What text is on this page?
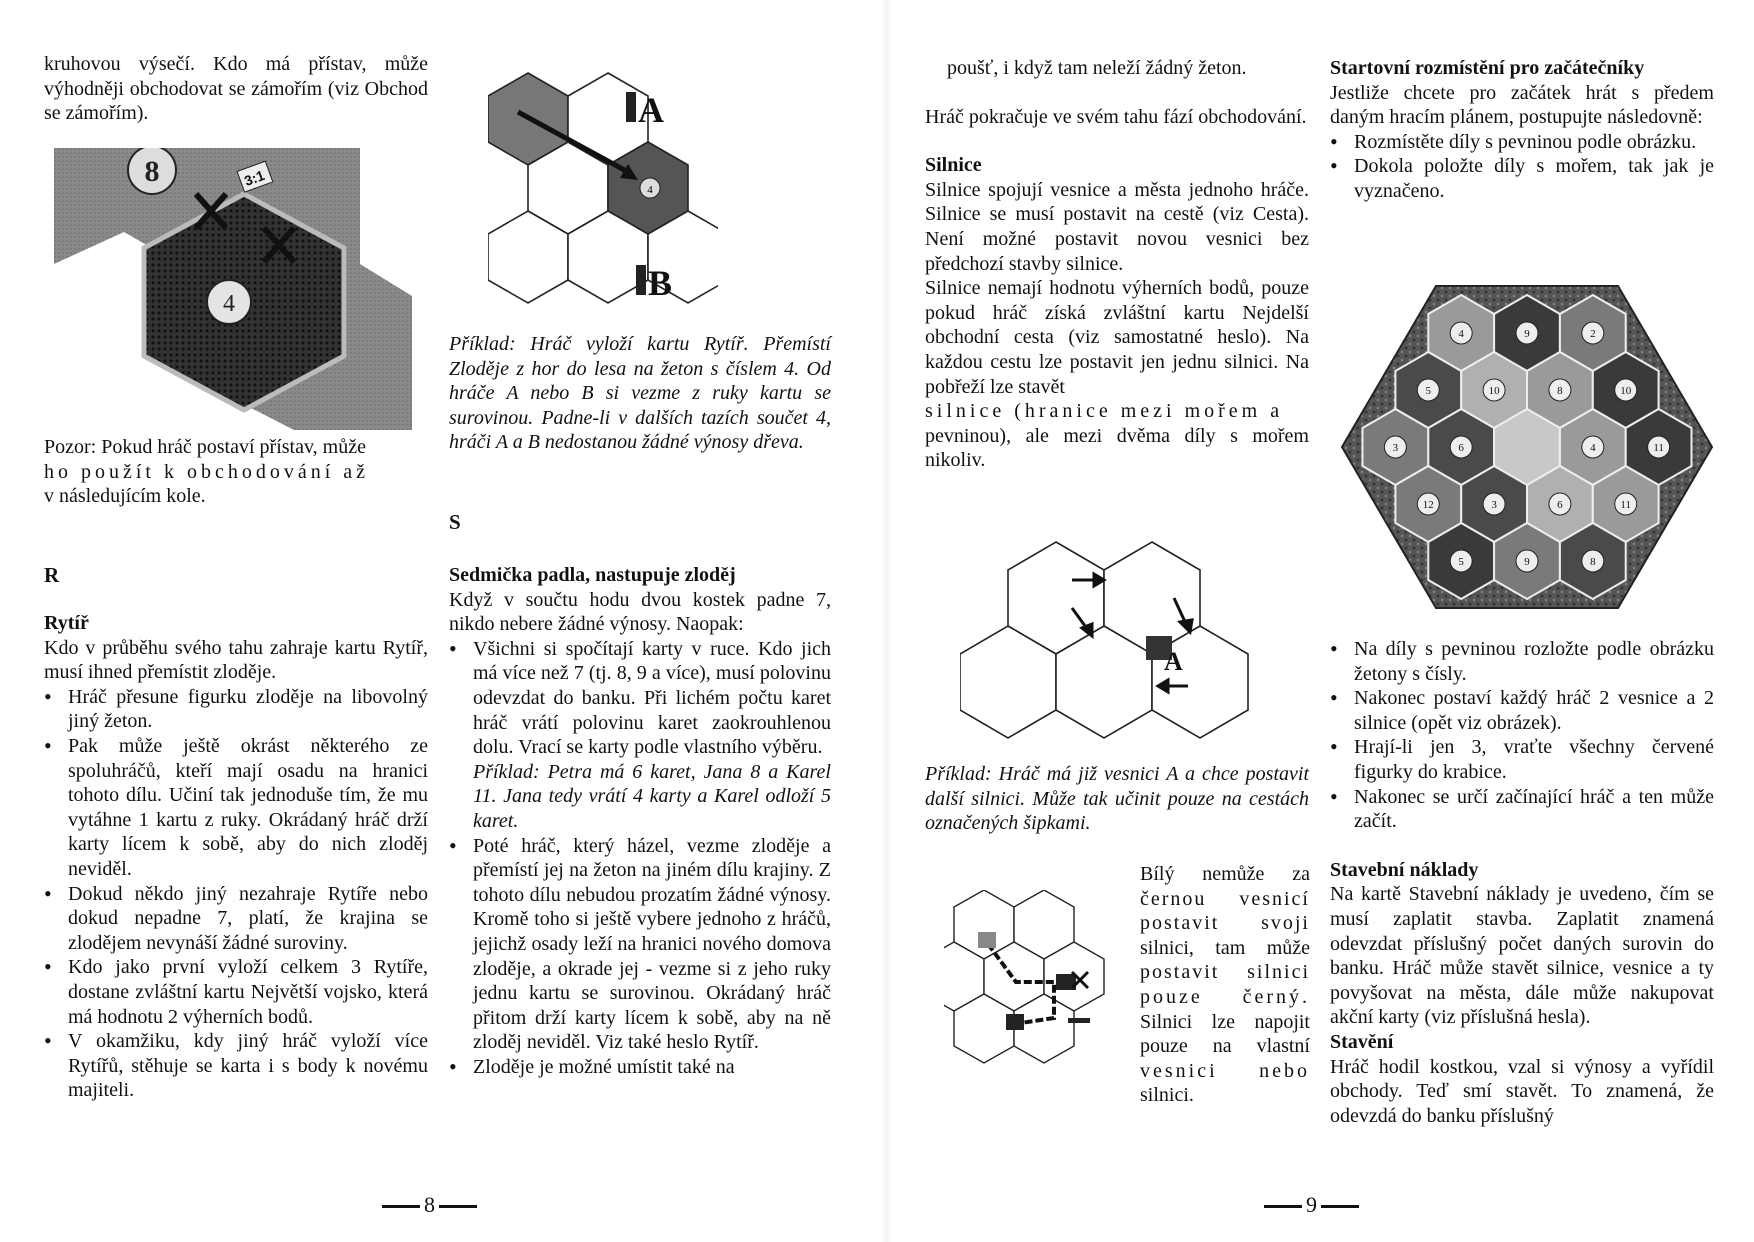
kruhovou výsečí. Kdo má přístav, může výhodněji obchodovat se zámořím (viz Obchod se zámořím).

8
4
3:1

Pozor: Pokud hráč postaví přístav, může

ho použít k obchodování až

v následujícím kole.

R

Rytíř

Kdo v průběhu svého tahu zahraje kartu Rytíř, musí ihned přemístit zloděje.

• Hráč přesune figurku zloděje na libovolný jiný žeton.
• Pak může ještě okrást některého ze spoluhráčů, kteří mají osadu na hranici tohoto dílu. Učiní tak jednoduše tím, že mu vytáhne 1 kartu z ruky. Okrádaný hráč drží karty lícem k sobě, aby do nich zloděj neviděl.
• Dokud někdo jiný nezahraje Rytíře nebo dokud nepadne 7, platí, že krajina se zlodějem nevynáší žádné suroviny.
• Kdo jako první vyloží celkem 3 Rytíře, dostane zvláštní kartu Největší vojsko, která má hodnotu 2 výherních bodů.
• V okamžiku, kdy jiný hráč vyloží více Rytířů, stěhuje se karta i s body k novému majiteli.
4
A
B

Příklad: Hráč vyloží kartu Rytíř. Přemístí Zloděje z hor do lesa na žeton s číslem 4. Od hráče A nebo B si vezme z ruky kartu se surovinou. Padne-li v dalších tazích součet 4, hráči A a B nedostanou žádné výnosy dřeva.

S

Sedmička padla, nastupuje zloděj

Když v součtu hodu dvou kostek padne 7, nikdo nebere žádné výnosy. Naopak:

• Všichni si spočítají karty v ruce. Kdo jich má více než 7 (tj. 8, 9 a více), musí polovinu odevzdat do banku. Při lichém počtu karet hráč vrátí polovinu karet zaokrouhlenou dolu. Vrací se karty podle vlastního výběru.
Příklad: Petra má 6 karet, Jana 8 a Karel 11. Jana tedy vrátí 4 karty a Karel odloží 5 karet.
• Poté hráč, který házel, vezme zloděje a přemístí jej na žeton na jiném dílu krajiny. Z tohoto dílu nebudou prozatím žádné výnosy. Kromě toho si ještě vybere jednoho z hráčů, jejichž osady leží na hranici nového domova zloděje, a okrade jej - vezme si z jeho ruky jednu kartu se surovinou. Okrádaný hráč přitom drží karty lícem k sobě, aby na ně zloděj neviděl. Viz také heslo Rytíř.
• Zloděje je možné umístit také na
8

poušť, i když tam neleží žádný žeton.

Hráč pokračuje ve svém tahu fází obchodování.

Silnice

Silnice spojují vesnice a města jednoho hráče. Silnice se musí postavit na cestě (viz Cesta). Není možné postavit novou vesnici bez předchozí stavby silnice.

Silnice nemají hodnotu výherních bodů, pouze pokud hráč získá zvláštní kartu Nejdelší obchodní cesta (viz samostatné heslo). Na každou cestu lze postavit jen jednu silnici. Na pobřeží lze stavět

silnice (hranice mezi mořem a

pevninou), ale mezi dvěma díly s mořem nikoliv.

A

Příklad: Hráč má již vesnici A a chce postavit další silnici. Může tak učinit pouze na cestách označených šipkami.

Bílý nemůže za

černou vesnicí

postavit svoji

silnici, tam může

postavit silnici

pouze černý.

Silnici lze napojit

pouze na vlastní

vesnici nebo

silnici.

9

Startovní rozmístění pro začátečníky

Jestliže chcete pro začátek hrát s předem daným hracím plánem, postupujte následovně:

• Rozmístěte díly s pevninou podle obrázku.
• Dokola položte díly s mořem, tak jak je vyznačeno.
4	9	2
5	10	8	10
3	6	4	11
12	3	6	11
5	9	8
• Na díly s pevninou rozložte podle obrázku žetony s čísly.
• Nakonec postaví každý hráč 2 vesnice a 2 silnice (opět viz obrázek).
• Hrají-li jen 3, vraťte všechny červené figurky do krabice.
• Nakonec se určí začínající hráč a ten může začít.

Stavební náklady

Na kartě Stavební náklady je uvedeno, čím se musí zaplatit stavba. Zaplatit znamená odevzdat příslušný počet daných surovin do banku. Hráč může stavět silnice, vesnice a ty povyšovat na města, dále může nakupovat akční karty (viz příslušná hesla).

Stavění

Hráč hodil kostkou, vzal si výnosy a vyřídil obchody. Teď smí stavět. To znamená, že odevzdá do banku příslušný
